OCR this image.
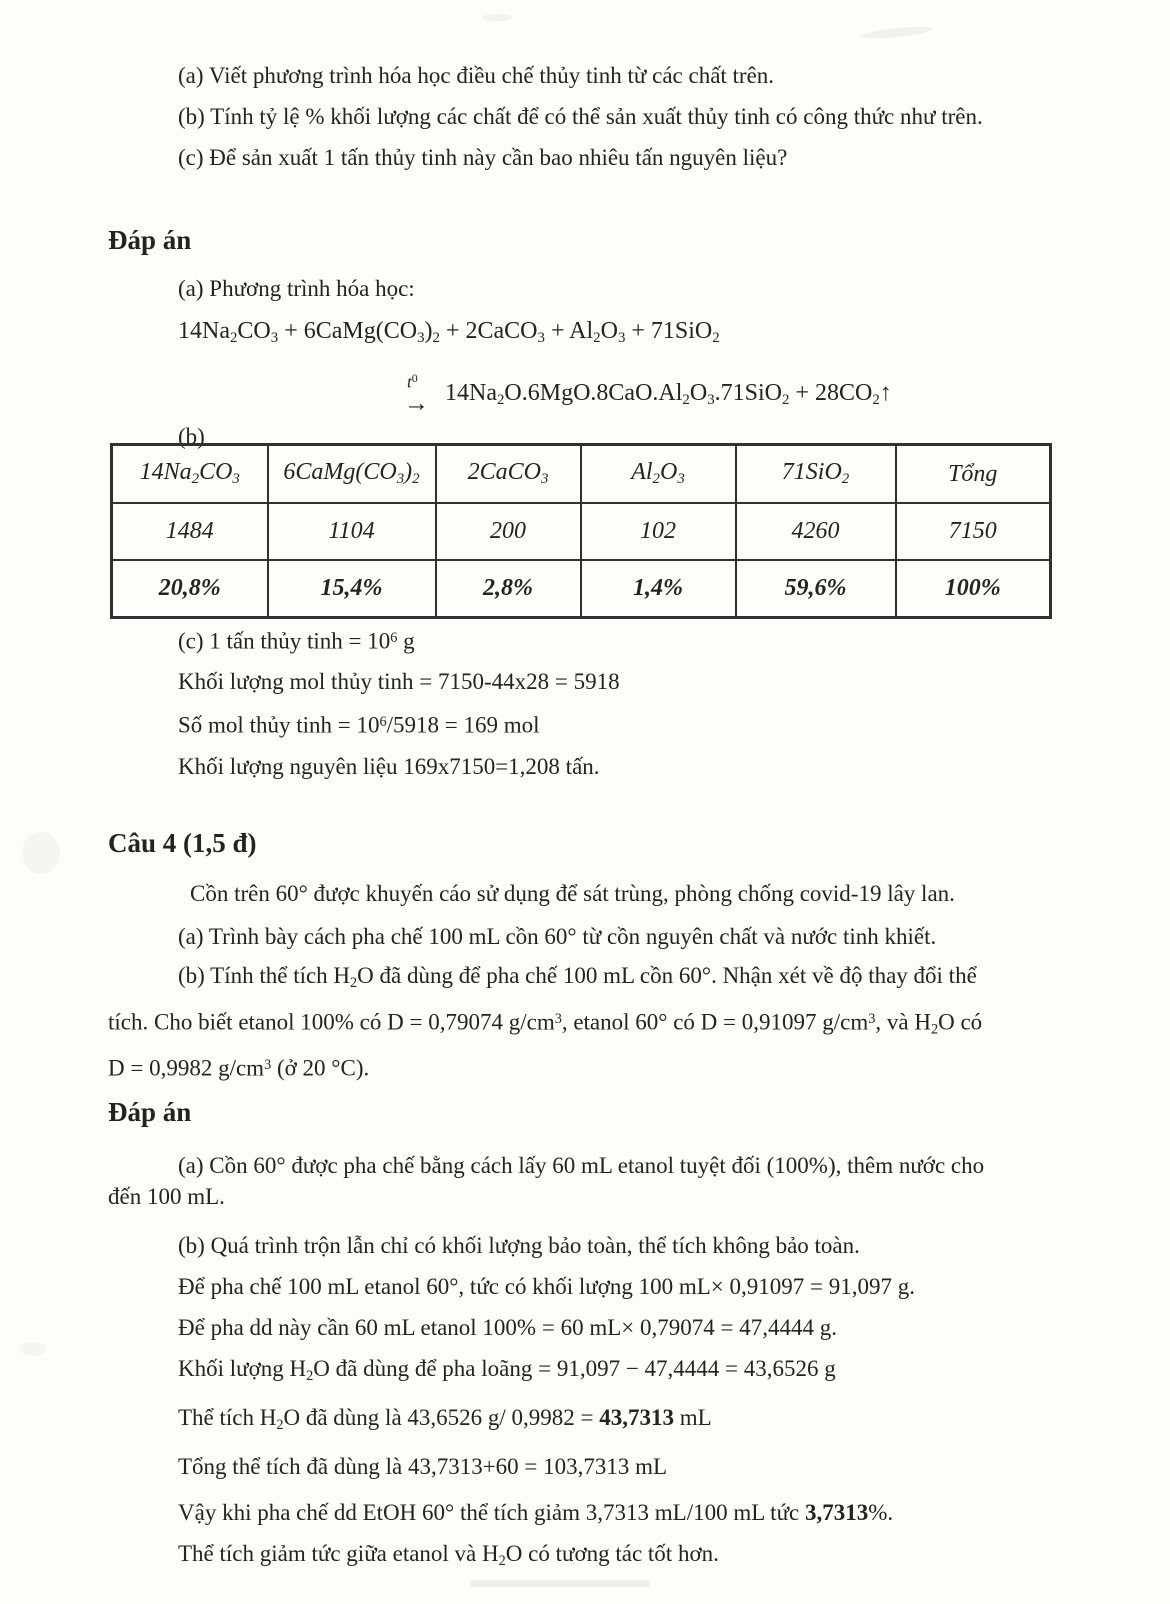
(a) Viết phương trình hóa học điều chế thủy tinh từ các chất trên.
(b) Tính tỷ lệ % khối lượng các chất để có thể sản xuất thủy tinh có công thức như trên.
(c) Để sản xuất 1 tấn thủy tinh này cần bao nhiêu tấn nguyên liệu?
Đáp án
(a) Phương trình hóa học:
14Na2CO3 + 6CaMg(CO3)2 + 2CaCO3 + Al2O3 + 71SiO2
$t^0$
→ 14Na2O.6MgO.8CaO.Al2O3.71SiO2 + 28CO2↑
(b)
14Na2CO3	6CaMg(CO3)2	2CaCO3	Al2O3	71SiO2	Tổng
1484	1104	200	102	4260	7150
20,8%	15,4%	2,8%	1,4%	59,6%	100%
(c) 1 tấn thủy tinh = $10^6$ g
Khối lượng mol thủy tinh = 7150-44x28 = 5918
Số mol thủy tinh = $10^6/5918 = 169$ mol
Khối lượng nguyên liệu 169x7150=1,208 tấn.
Câu 4 (1,5 đ)
Cồn trên 60° được khuyến cáo sử dụng để sát trùng, phòng chống covid-19 lây lan.
(a) Trình bày cách pha chế 100 mL cồn 60° từ cồn nguyên chất và nước tinh khiết.
(b) Tính thể tích H2O đã dùng để pha chế 100 mL cồn 60°. Nhận xét về độ thay đổi thể
tích. Cho biết etanol 100% có D = 0,79074 $g/cm^3$, etanol 60° có D = 0,91097 $g/cm^3$, và H2O có
D = 0,9982 $g/cm^3$ (ở 20 °C).
Đáp án
(a) Cồn 60° được pha chế bằng cách lấy 60 mL etanol tuyệt đối (100%), thêm nước cho
đến 100 mL.
(b) Quá trình trộn lẫn chỉ có khối lượng bảo toàn, thể tích không bảo toàn.
Để pha chế 100 mL etanol 60°, tức có khối lượng 100 mL× 0,91097 = 91,097 g.
Để pha dd này cần 60 mL etanol 100% = 60 mL× 0,79074 = 47,4444 g.
Khối lượng H2O đã dùng để pha loãng = 91,097 − 47,4444 = 43,6526 g
Thể tích H2O đã dùng là 43,6526 g/ 0,9982 = 43,7313 mL
Tổng thể tích đã dùng là 43,7313+60 = 103,7313 mL
Vậy khi pha chế dd EtOH 60° thể tích giảm 3,7313 mL/100 mL tức 3,7313%.
Thể tích giảm tức giữa etanol và H2O có tương tác tốt hơn.
